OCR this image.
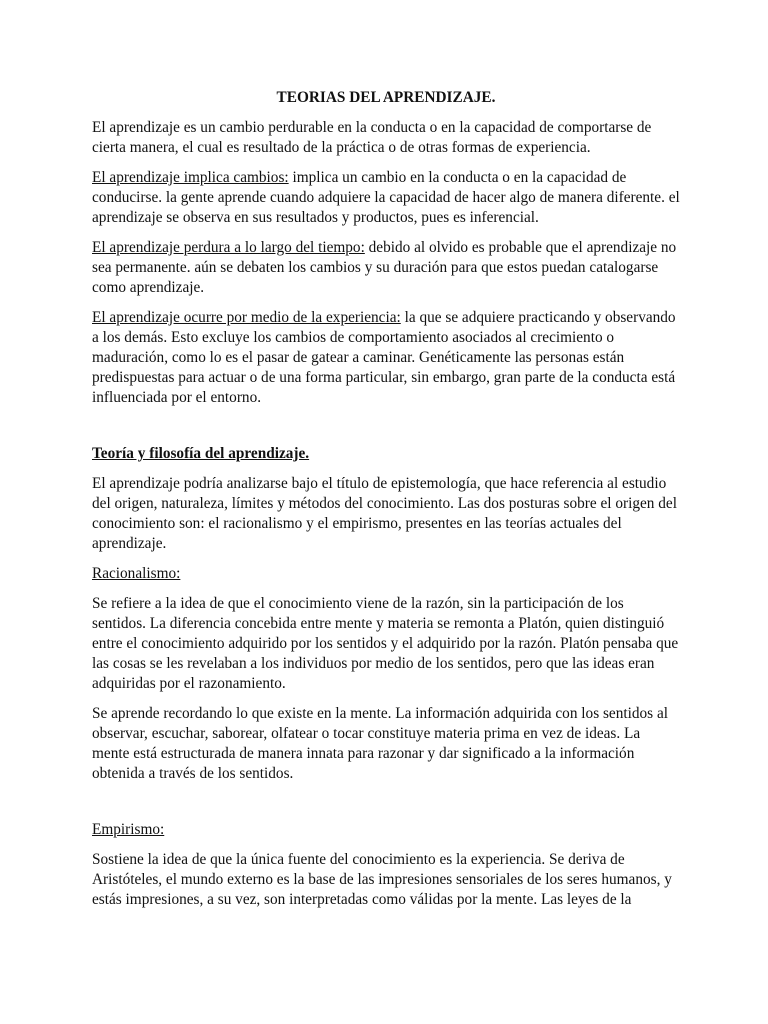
TEORIAS DEL APRENDIZAJE.

El aprendizaje es un cambio perdurable en la conducta o en la capacidad de comportarse de cierta manera, el cual es resultado de la práctica o de otras formas de experiencia.

El aprendizaje implica cambios: implica un cambio en la conducta o en la capacidad de conducirse. la gente aprende cuando adquiere la capacidad de hacer algo de manera diferente. el aprendizaje se observa en sus resultados y productos, pues es inferencial.

El aprendizaje perdura a lo largo del tiempo: debido al olvido es probable que el aprendizaje no sea permanente. aún se debaten los cambios y su duración para que estos puedan catalogarse como aprendizaje.

El aprendizaje ocurre por medio de la experiencia: la que se adquiere practicando y observando a los demás. Esto excluye los cambios de comportamiento asociados al crecimiento o maduración, como lo es el pasar de gatear a caminar. Genéticamente las personas están predispuestas para actuar o de una forma particular, sin embargo, gran parte de la conducta está influenciada por el entorno.

Teoría y filosofía del aprendizaje.

El aprendizaje podría analizarse bajo el título de epistemología, que hace referencia al estudio del origen, naturaleza, límites y métodos del conocimiento. Las dos posturas sobre el origen del conocimiento son: el racionalismo y el empirismo, presentes en las teorías actuales del aprendizaje.

Racionalismo:

Se refiere a la idea de que el conocimiento viene de la razón, sin la participación de los sentidos. La diferencia concebida entre mente y materia se remonta a Platón, quien distinguió entre el conocimiento adquirido por los sentidos y el adquirido por la razón. Platón pensaba que las cosas se les revelaban a los individuos por medio de los sentidos, pero que las ideas eran adquiridas por el razonamiento.

Se aprende recordando lo que existe en la mente. La información adquirida con los sentidos al observar, escuchar, saborear, olfatear o tocar constituye materia prima en vez de ideas. La mente está estructurada de manera innata para razonar y dar significado a la información obtenida a través de los sentidos.

Empirismo:

Sostiene la idea de que la única fuente del conocimiento es la experiencia. Se deriva de Aristóteles, el mundo externo es la base de las impresiones sensoriales de los seres humanos, y estás impresiones, a su vez, son interpretadas como válidas por la mente. Las leyes de la
